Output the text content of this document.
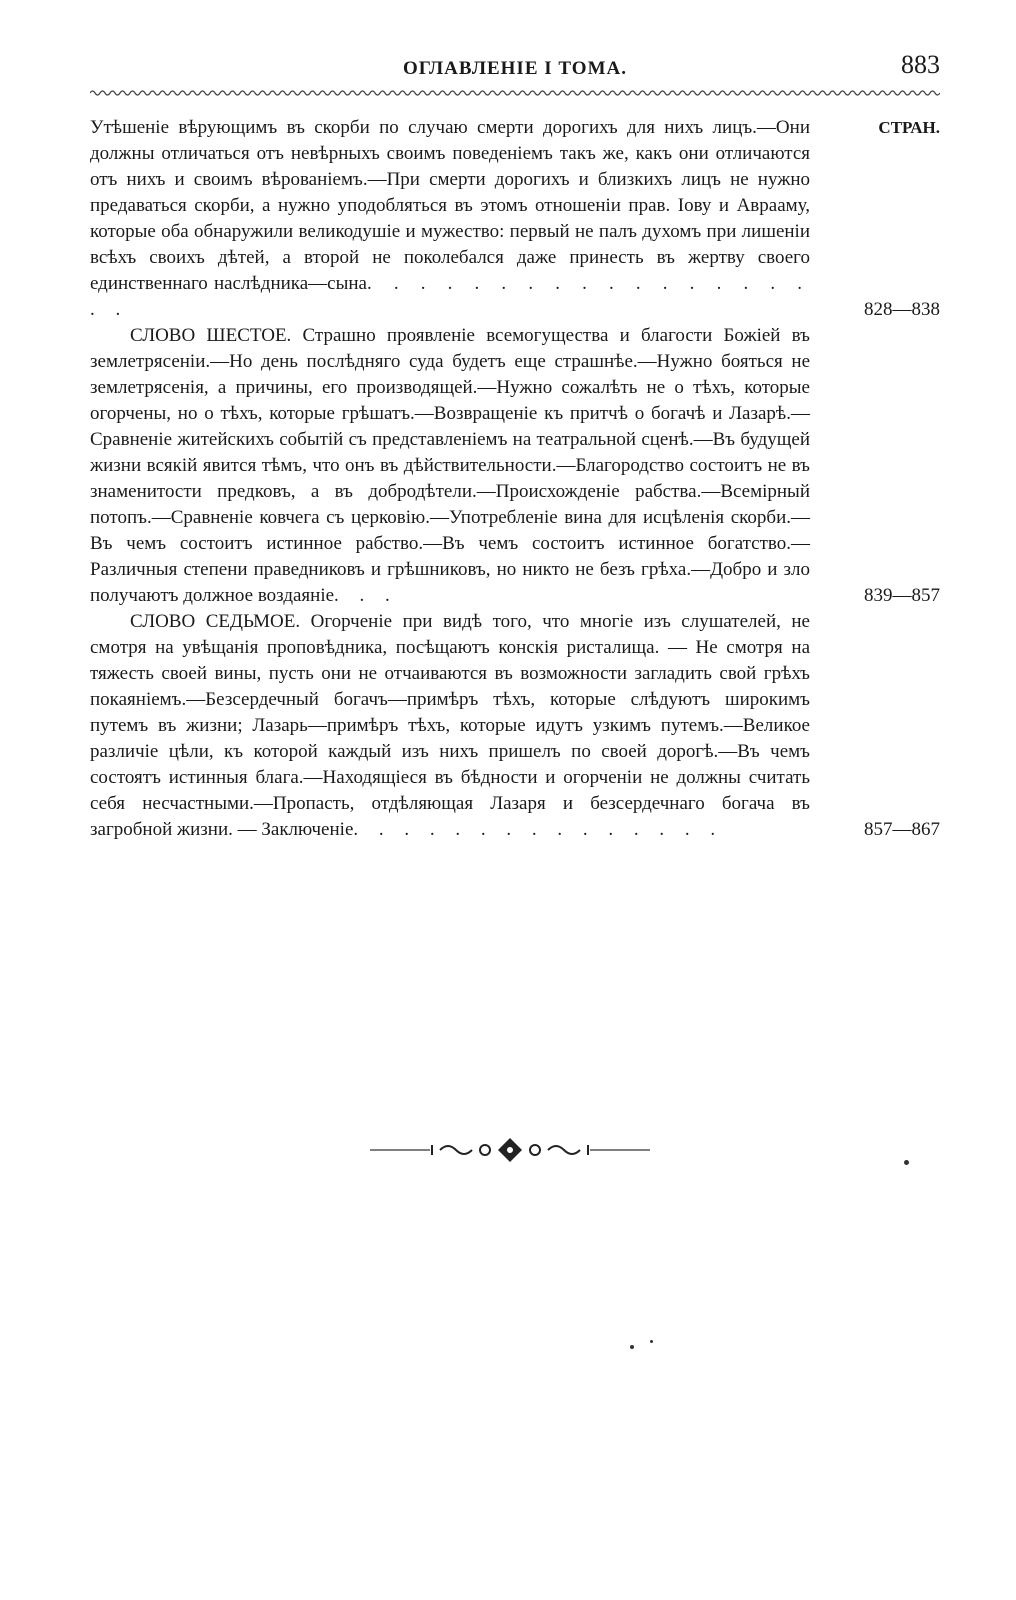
ОГЛАВЛЕНІЕ I ТОМА.	883
СТРАН.

Утѣшеніе вѣрующимъ въ скорби по случаю смерти дорогихъ для нихъ лицъ.—Они должны отличаться отъ невѣрныхъ своимъ поведеніемъ такъ же, какъ они отличаются отъ нихъ и своимъ вѣрованіемъ.—При смерти дорогихъ и близкихъ лицъ не нужно предаваться скорби, а нужно уподобляться въ этомъ отношеніи прав. Іову и Аврааму, которые оба обнаружили великодушіе и мужество: первый не палъ духомъ при лишеніи всѣхъ своихъ дѣтей, а второй не поколебался даже принесть въ жертву своего единственнаго наслѣдника—сына. . . . . . . . . . . . . . . . . . .	828—838

СЛОВО ШЕСТОЕ. Страшно проявленіе всемогущества и благости Божіей въ землетрясеніи.—Но день послѣдняго суда будетъ еще страшнѣе.—Нужно бояться не землетрясенія, а причины, его производящей.—Нужно сожалѣть не о тѣхъ, которые огорчены, но о тѣхъ, которые грѣшатъ.—Возвращеніе къ притчѣ о богачѣ и Лазарѣ.—Сравненіе житейскихъ событій съ представленіемъ на театральной сценѣ.—Въ будущей жизни всякій явится тѣмъ, что онъ въ дѣйствительности.—Благородство состоитъ не въ знаменитости предковъ, а въ добродѣтели.—Происхожденіе рабства.—Всемірный потопъ.—Сравненіе ковчега съ церковію.—Употребленіе вина для исцѣленія скорби.—Въ чемъ состоитъ истинное рабство.—Въ чемъ состоитъ истинное богатство.—Различныя степени праведниковъ и грѣшниковъ, но никто не безъ грѣха.—Добро и зло получаютъ должное воздаяніе. . .	839—857

СЛОВО СЕДЬМОЕ. Огорченіе при видѣ того, что многіе изъ слушателей, не смотря на увѣщанія проповѣдника, посѣщаютъ конскія ристалища. — Не смотря на тяжесть своей вины, пусть они не отчаиваются въ возможности загладить свой грѣхъ покаяніемъ.—Безсердечный богачъ—примѣръ тѣхъ, которые слѣдуютъ широкимъ путемъ въ жизни; Лазарь—примѣръ тѣхъ, которые идутъ узкимъ путемъ.—Великое различіе цѣли, къ которой каждый изъ нихъ пришелъ по своей дорогѣ.—Въ чемъ состоятъ истинныя блага.—Находящіеся въ бѣдности и огорченіи не должны считать себя несчастными.—Пропасть, отдѣляющая Лазаря и безсердечнаго богача въ загробной жизни. — Заключеніе. . . . . . . . . . . . . . .	857—867
